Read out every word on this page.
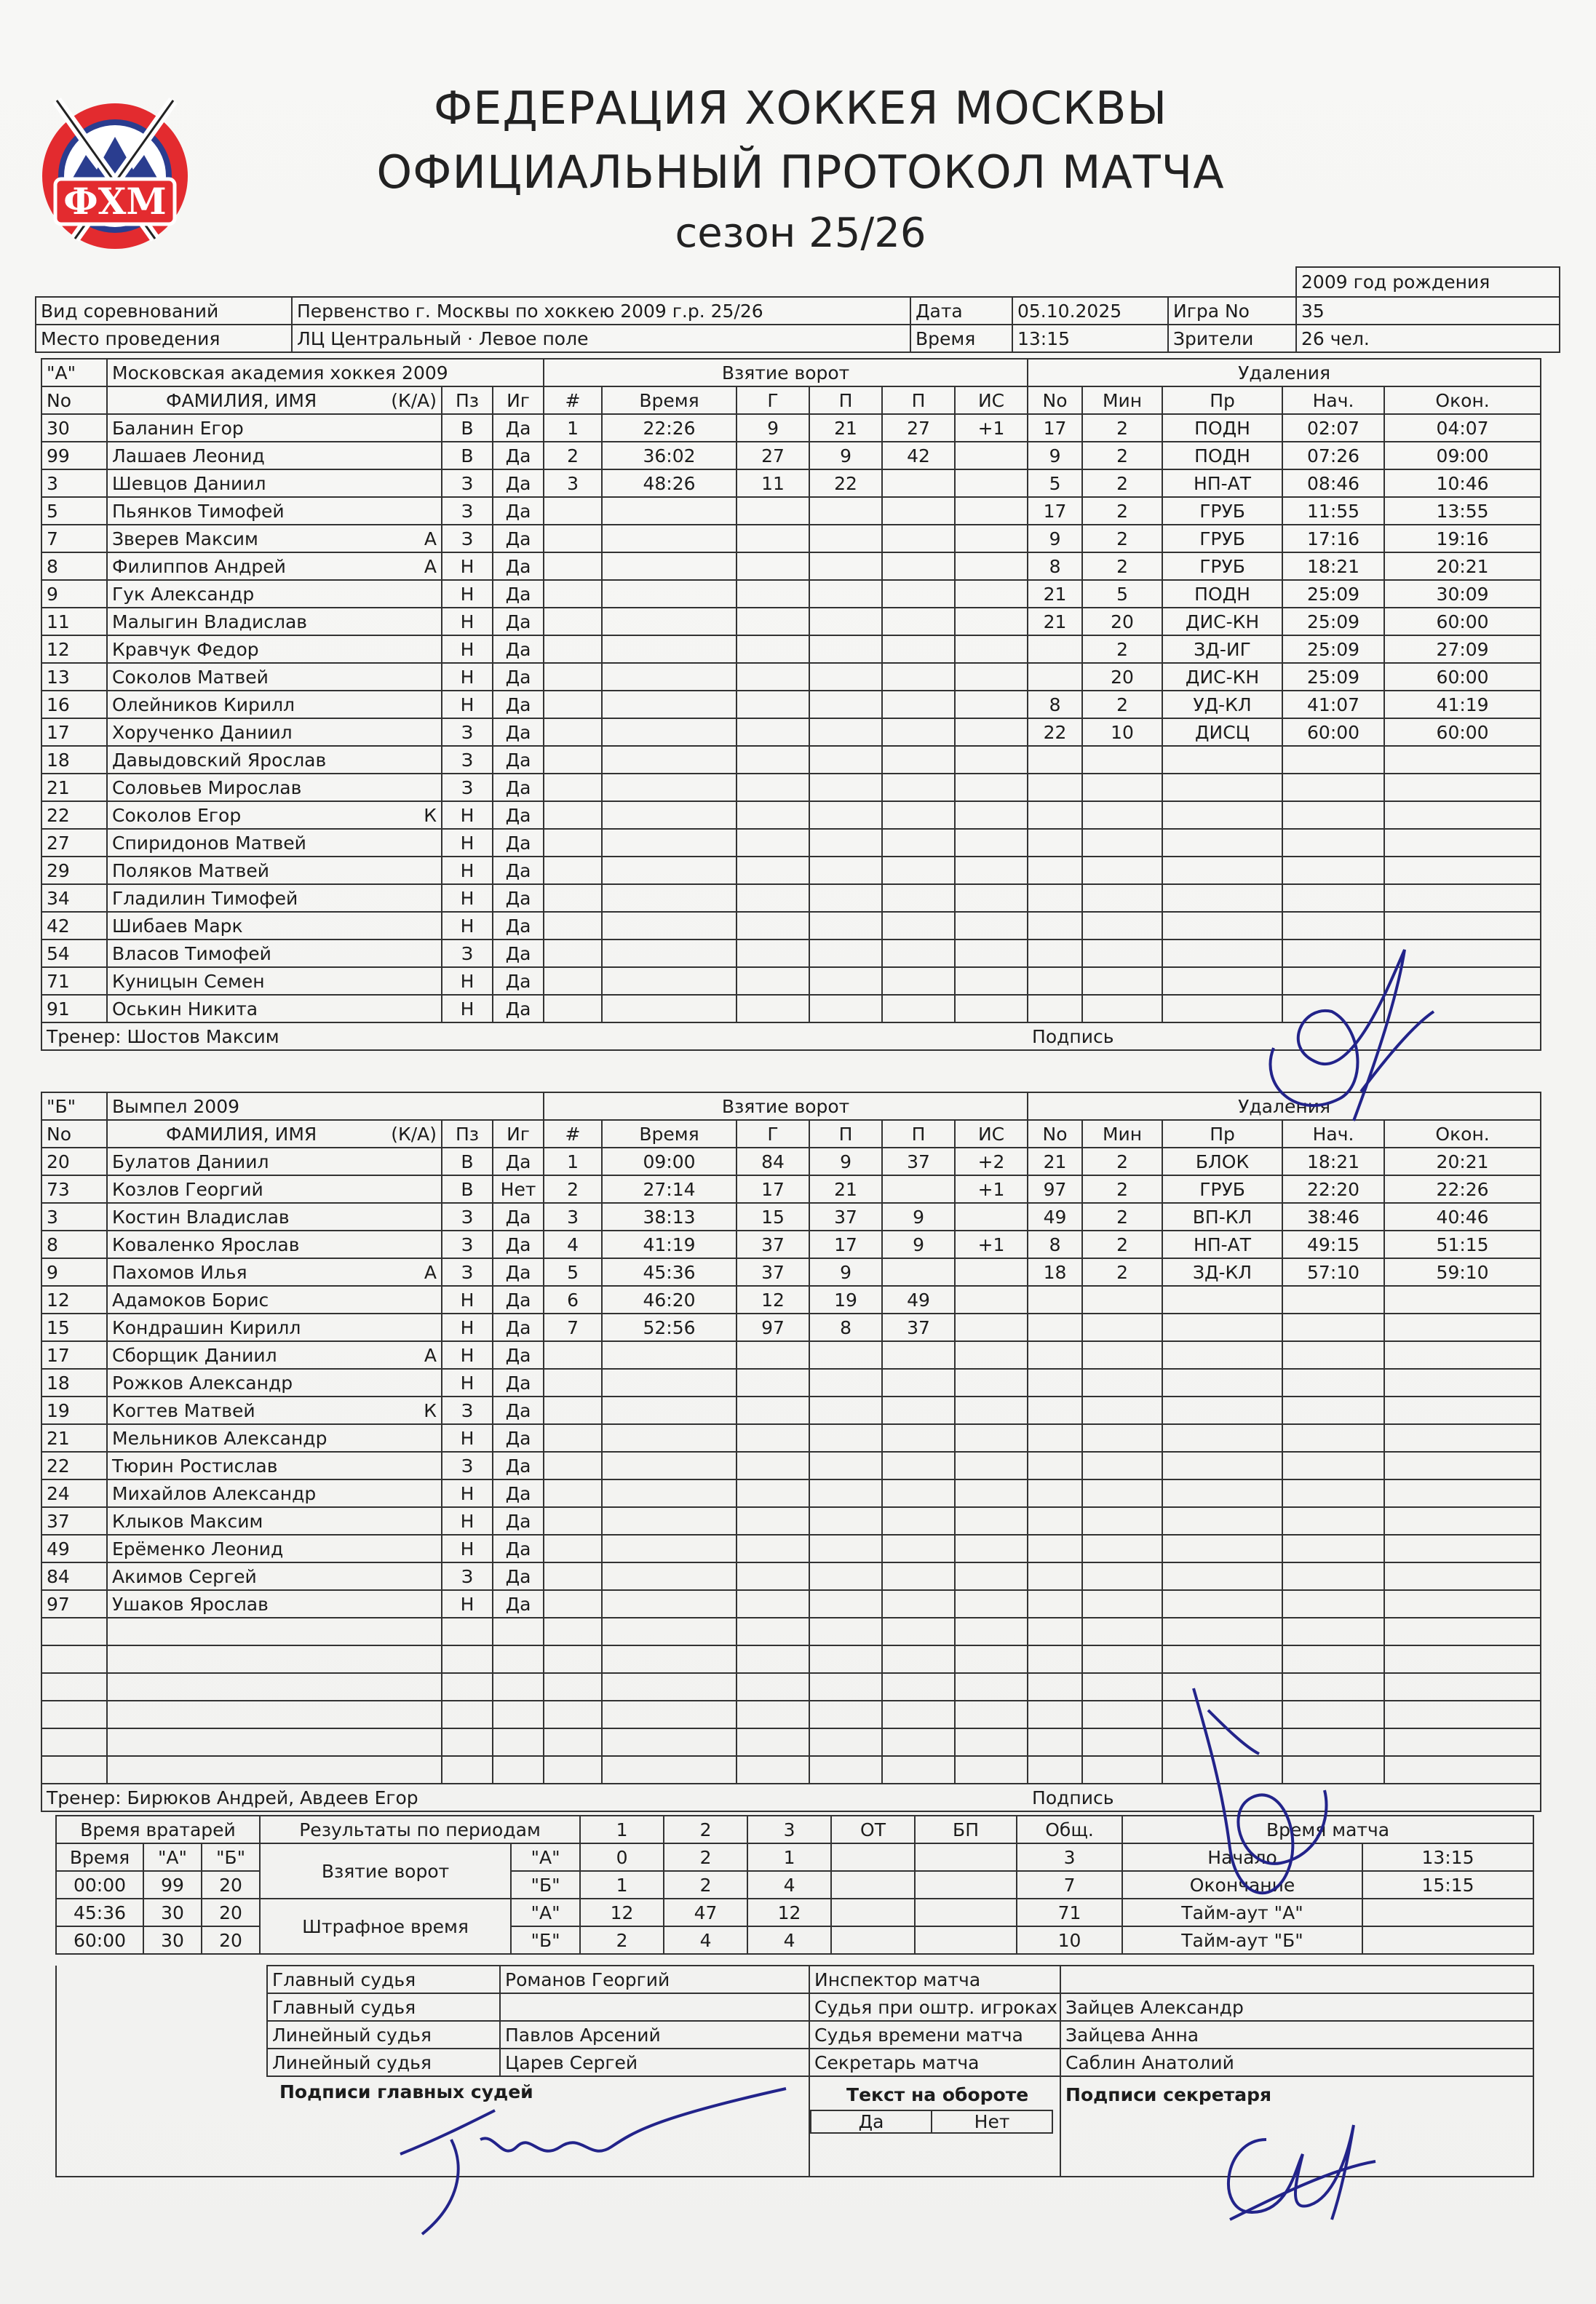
ФХМ
ФЕДЕРАЦИЯ ХОККЕЯ МОСКВЫ
ОФИЦИАЛЬНЫЙ ПРОТОКОЛ МАТЧА
сезон 25/26
					2009 год рождения
Вид соревнований	Первенство г. Москвы по хоккею 2009 г.р. 25/26	Дата	05.10.2025	Игра No	35
Место проведения	ЛЦ Центральный · Левое поле	Время	13:15	Зрители	26 чел.
"А"	Московская академия хоккея 2009			Взятие ворот						Удаления				
No	ФАМИЛИЯ, ИМЯ (К/А)	Пз	Иг	#	Время	Г	П	П	ИС	No	Мин	Пр	Нач.	Окон.
30	Баланин Егор	В	Да	1	22:26	9	21	27	+1	17	2	ПОДН	02:07	04:07
99	Лашаев Леонид	В	Да	2	36:02	27	9	42		9	2	ПОДН	07:26	09:00
3	Шевцов Даниил	З	Да	3	48:26	11	22			5	2	НП-АТ	08:46	10:46
5	Пьянков Тимофей	З	Да							17	2	ГРУБ	11:55	13:55
7	Зверев Максим А	З	Да							9	2	ГРУБ	17:16	19:16
8	Филиппов Андрей А	Н	Да							8	2	ГРУБ	18:21	20:21
9	Гук Александр	Н	Да							21	5	ПОДН	25:09	30:09
11	Малыгин Владислав	Н	Да							21	20	ДИС-КН	25:09	60:00
12	Кравчук Федор	Н	Да								2	ЗД-ИГ	25:09	27:09
13	Соколов Матвей	Н	Да								20	ДИС-КН	25:09	60:00
16	Олейников Кирилл	Н	Да							8	2	УД-КЛ	41:07	41:19
17	Хорученко Даниил	З	Да							22	10	ДИСЦ	60:00	60:00
18	Давыдовский Ярослав	З	Да											
21	Соловьев Мирослав	З	Да											
22	Соколов Егор К	Н	Да											
27	Спиридонов Матвей	Н	Да											
29	Поляков Матвей	Н	Да											
34	Гладилин Тимофей	Н	Да											
42	Шибаев Марк	Н	Да											
54	Власов Тимофей	З	Да											
71	Куницын Семен	Н	Да											
91	Оськин Никита	Н	Да											
Тренер: Шостов Максим										Подпись				
"Б"	Вымпел 2009			Взятие ворот						Удаления				
No	ФАМИЛИЯ, ИМЯ (К/А)	Пз	Иг	#	Время	Г	П	П	ИС	No	Мин	Пр	Нач.	Окон.
20	Булатов Даниил	В	Да	1	09:00	84	9	37	+2	21	2	БЛОК	18:21	20:21
73	Козлов Георгий	В	Нет	2	27:14	17	21		+1	97	2	ГРУБ	22:20	22:26
3	Костин Владислав	З	Да	3	38:13	15	37	9		49	2	ВП-КЛ	38:46	40:46
8	Коваленко Ярослав	З	Да	4	41:19	37	17	9	+1	8	2	НП-АТ	49:15	51:15
9	Пахомов Илья А	З	Да	5	45:36	37	9			18	2	ЗД-КЛ	57:10	59:10
12	Адамоков Борис	Н	Да	6	46:20	12	19	49						
15	Кондрашин Кирилл	Н	Да	7	52:56	97	8	37						
17	Сборщик Даниил А	Н	Да											
18	Рожков Александр	Н	Да											
19	Когтев Матвей К	З	Да											
21	Мельников Александр	Н	Да											
22	Тюрин Ростислав	З	Да											
24	Михайлов Александр	Н	Да											
37	Клыков Максим	Н	Да											
49	Ерёменко Леонид	Н	Да											
84	Акимов Сергей	З	Да											
97	Ушаков Ярослав	Н	Да											

Тренер: Бирюков Андрей, Авдеев Егор										Подпись				
Время вратарей			Результаты по периодам		1	2	3	ОТ	БП	Общ.	Время матча	
Время	"А"	"Б"	Взятие ворот	"А"	0	2	1			3	Начало	13:15
00:00	99	20		"Б"	1	2	4			7	Окончание	15:15
45:36	30	20	Штрафное время	"А"	12	47	12			71	Тайм-аут "А"	
60:00	30	20		"Б"	2	4	4			10	Тайм-аут "Б"	
	Главный судья	Романов Георгий	Инспектор матча	
	Главный судья		Судья при оштр. игроках	Зайцев Александр
	Линейный судья	Павлов Арсений	Судья времени матча	Зайцева Анна
	Линейный судья	Царев Сергей	Секретарь матча	Саблин Анатолий
Подписи главных судей			Текст на обороте
Да Нет	Подписи секретаря
